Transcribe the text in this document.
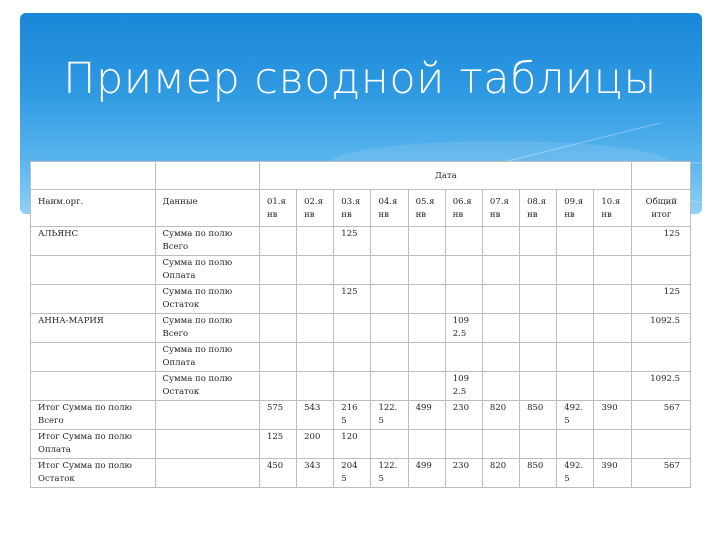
Пример сводной таблицы
		Дата										
Наим.орг.	Данные	01.я нв	02.я нв	03.я нв	04.я нв	05.я нв	06.я нв	07.я нв	08.я нв	09.я нв	10.я нв	Общий итог
АЛЬЯНС	Сумма по полю Всего			125								125
	Сумма по полю Оплата											
	Сумма по полю Остаток			125								125
АННА-МАРИЯ	Сумма по полю Всего						109 2.5					1092.5
	Сумма по полю Оплата											
	Сумма по полю Остаток						109 2.5					1092.5
Итог Сумма по полю Всего		575	543	216 5	122. 5	499	230	820	850	492. 5	390	567
Итог Сумма по полю Оплата		125	200	120								
Итог Сумма по полю Остаток		450	343	204 5	122. 5	499	230	820	850	492. 5	390	567
